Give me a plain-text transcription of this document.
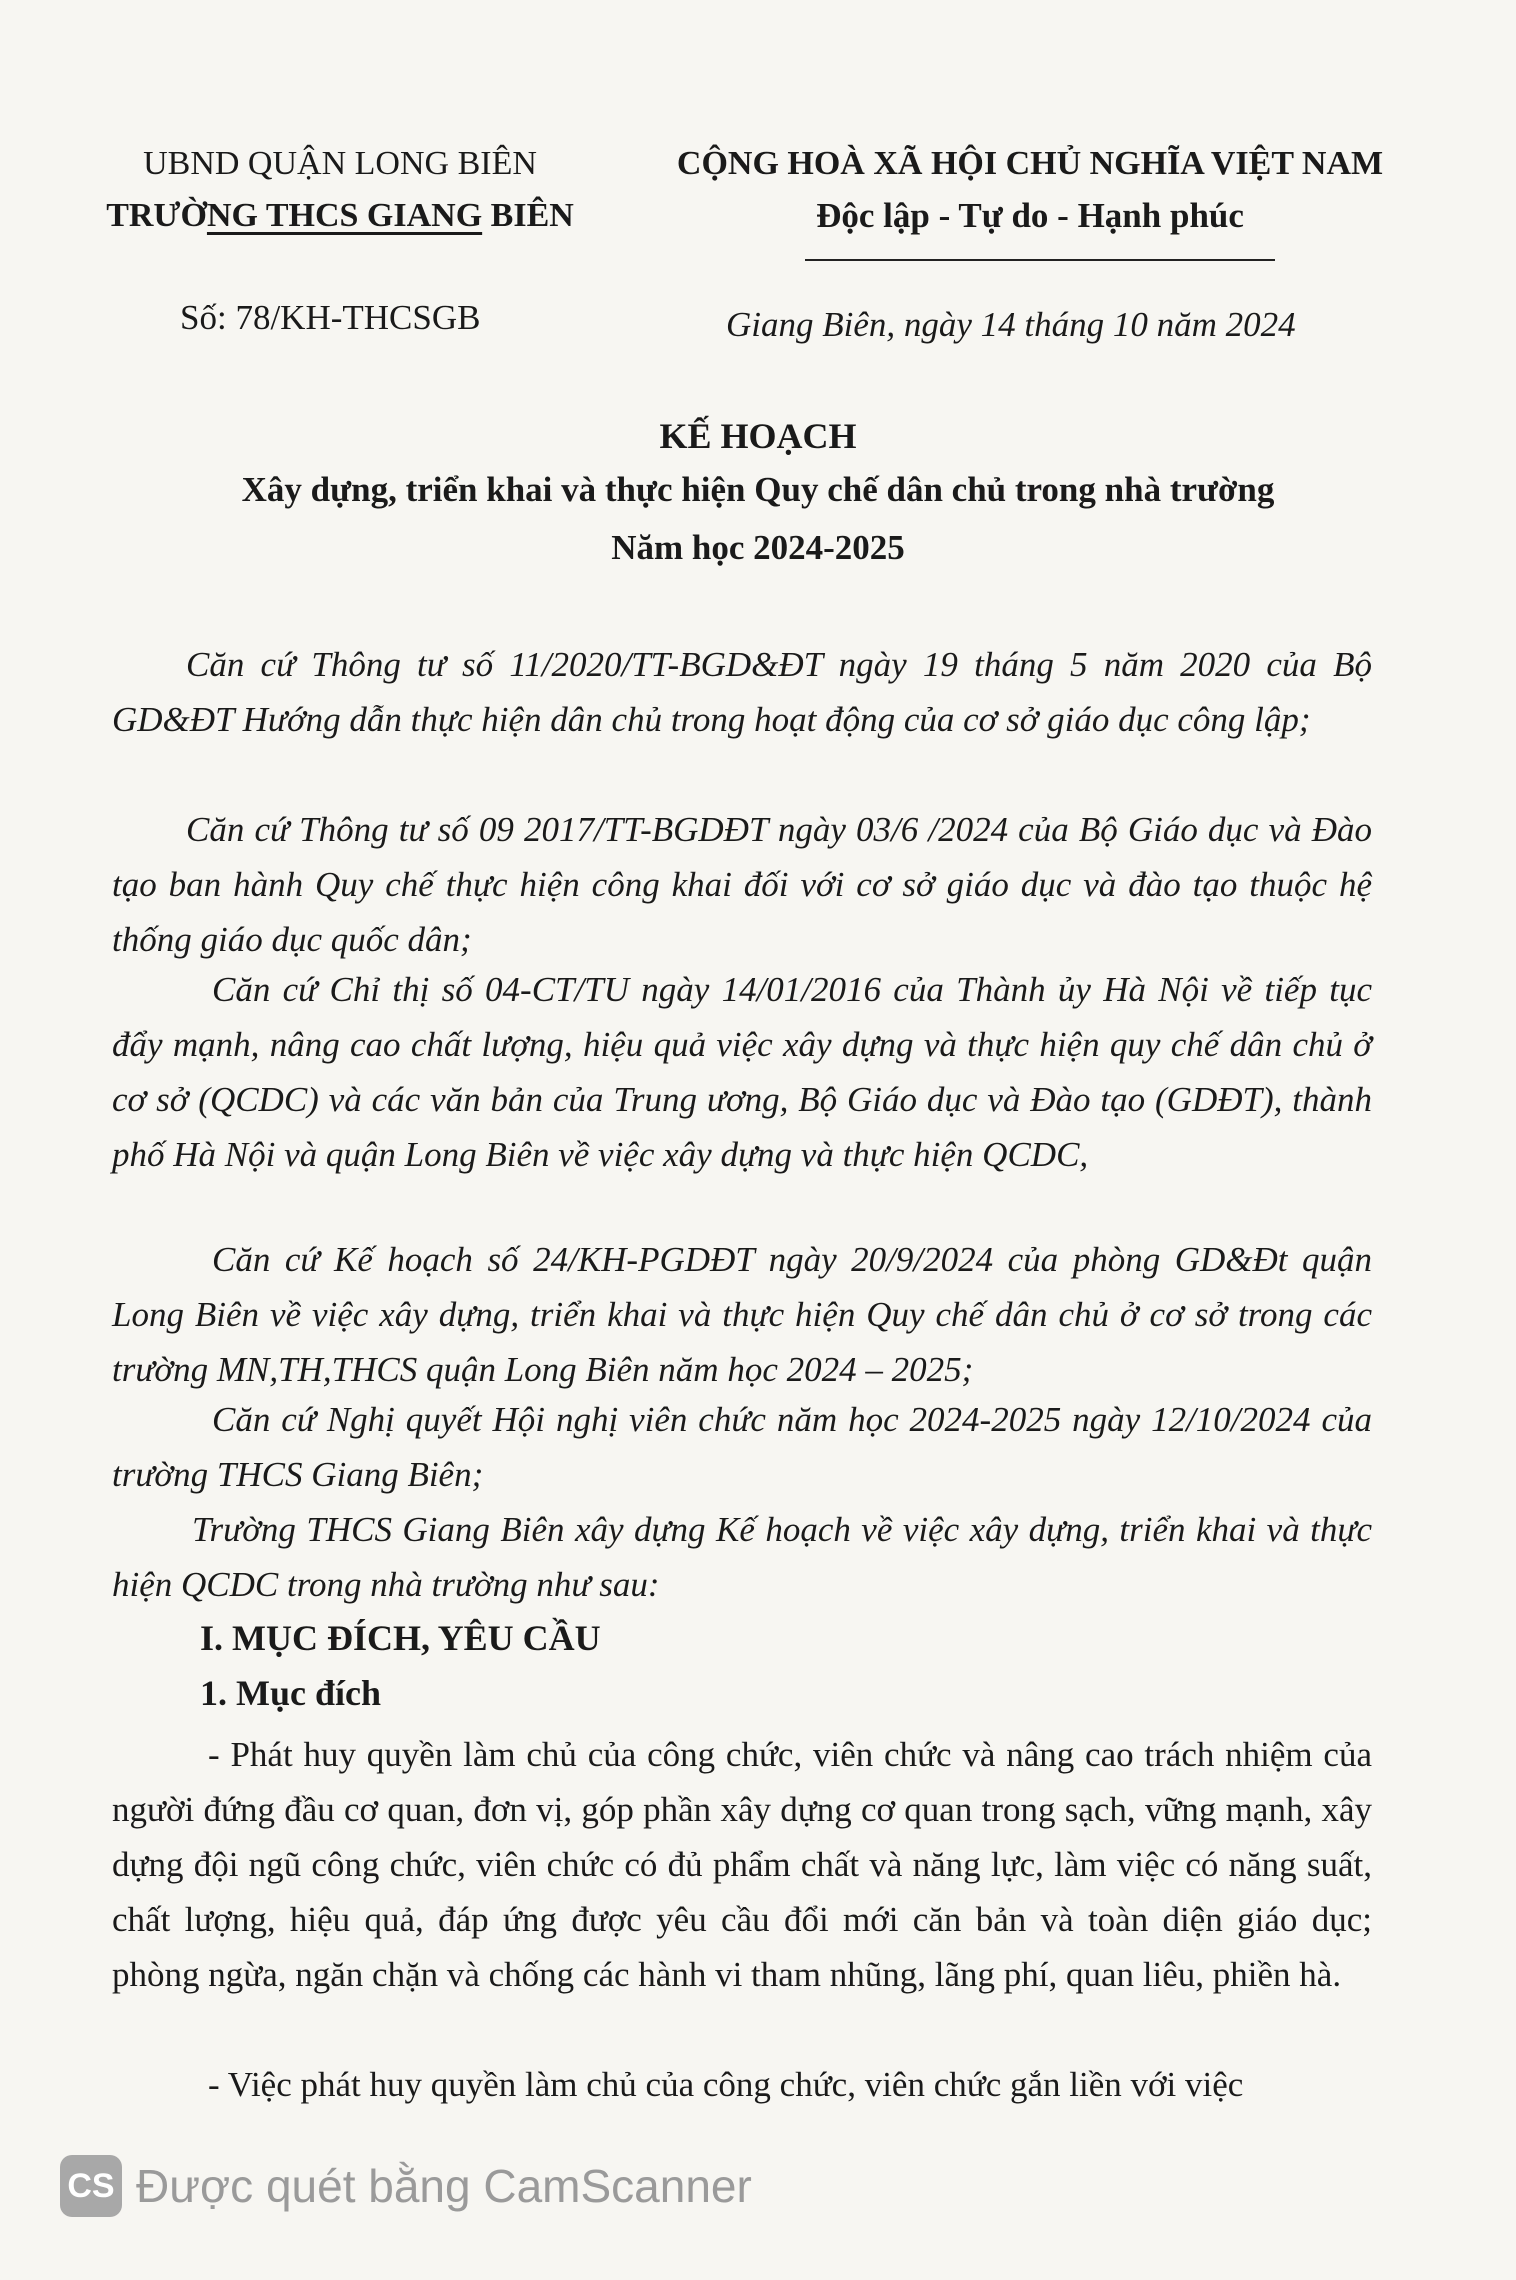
UBND QUẬN LONG BIÊN
TRƯỜNG THCS GIANG BIÊN
CỘNG HOÀ XÃ HỘI CHỦ NGHĨA VIỆT NAM
Độc lập - Tự do - Hạnh phúc
Số: 78/KH-THCSGB	Giang Biên, ngày 14 tháng 10 năm 2024
KẾ HOẠCH
Xây dựng, triển khai và thực hiện Quy chế dân chủ trong nhà trường
Năm học 2024-2025
Căn cứ Thông tư số 11/2020/TT-BGD&ĐT ngày 19 tháng 5 năm 2020 của Bộ GD&ĐT Hướng dẫn thực hiện dân chủ trong hoạt động của cơ sở giáo dục công lập;
Căn cứ Thông tư số 09 2017/TT-BGDĐT ngày 03/6 /2024 của Bộ Giáo dục và Đào tạo ban hành Quy chế thực hiện công khai đối với cơ sở giáo dục và đào tạo thuộc hệ thống giáo dục quốc dân;
Căn cứ Chỉ thị số 04-CT/TU ngày 14/01/2016 của Thành ủy Hà Nội về tiếp tục đẩy mạnh, nâng cao chất lượng, hiệu quả việc xây dựng và thực hiện quy chế dân chủ ở cơ sở (QCDC) và các văn bản của Trung ương, Bộ Giáo dục và Đào tạo (GDĐT), thành phố Hà Nội và quận Long Biên về việc xây dựng và thực hiện QCDC,
Căn cứ Kế hoạch số 24/KH-PGDĐT ngày 20/9/2024 của phòng GD&Đt quận Long Biên về việc xây dựng, triển khai và thực hiện Quy chế dân chủ ở cơ sở trong các trường MN,TH,THCS quận Long Biên năm học 2024 – 2025;
Căn cứ Nghị quyết Hội nghị viên chức năm học 2024-2025 ngày 12/10/2024 của trường THCS Giang Biên;
Trường THCS Giang Biên xây dựng Kế hoạch về việc xây dựng, triển khai và thực hiện QCDC trong nhà trường như sau:
I. MỤC ĐÍCH, YÊU CẦU
1. Mục đích
- Phát huy quyền làm chủ của công chức, viên chức và nâng cao trách nhiệm của người đứng đầu cơ quan, đơn vị, góp phần xây dựng cơ quan trong sạch, vững mạnh, xây dựng đội ngũ công chức, viên chức có đủ phẩm chất và năng lực, làm việc có năng suất, chất lượng, hiệu quả, đáp ứng được yêu cầu đổi mới căn bản và toàn diện giáo dục; phòng ngừa, ngăn chặn và chống các hành vi tham nhũng, lãng phí, quan liêu, phiền hà.
- Việc phát huy quyền làm chủ của công chức, viên chức gắn liền với việc
CS Được quét bằng CamScanner
